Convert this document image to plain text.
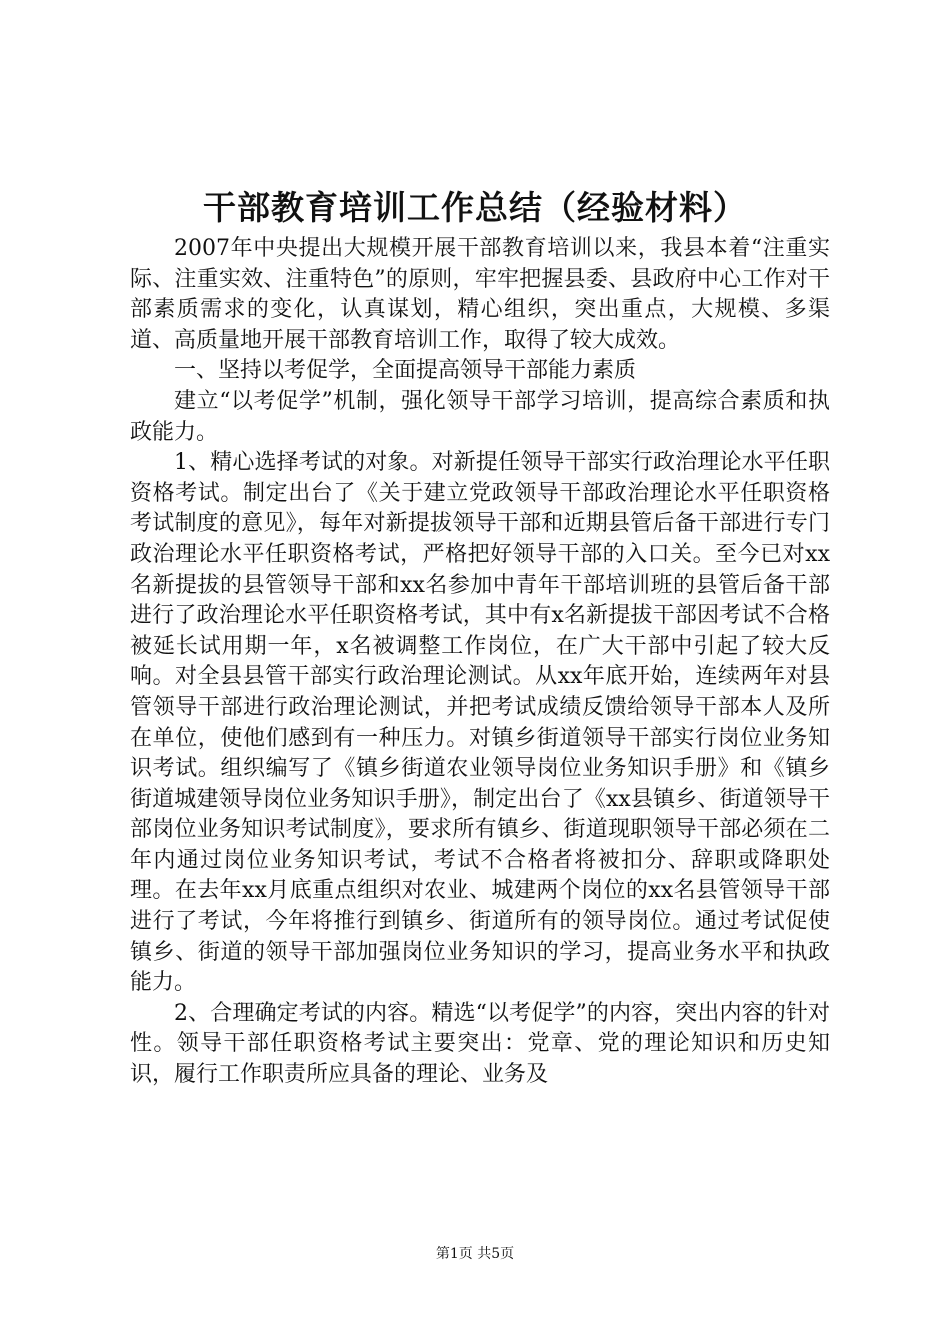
干部教育培训工作总结（经验材料）

2007年中央提出大规模开展干部教育培训以来，我县本着“注重实际、注重实效、注重特色”的原则，牢牢把握县委、县政府中心工作对干部素质需求的变化，认真谋划，精心组织，突出重点，大规模、多渠道、高质量地开展干部教育培训工作，取得了较大成效。

一、坚持以考促学，全面提高领导干部能力素质

建立“以考促学”机制，强化领导干部学习培训，提高综合素质和执政能力。

1、精心选择考试的对象。对新提任领导干部实行政治理论水平任职资格考试。制定出台了《关于建立党政领导干部政治理论水平任职资格考试制度的意见》，每年对新提拔领导干部和近期县管后备干部进行专门政治理论水平任职资格考试，严格把好领导干部的入口关。至今已对xx名新提拔的县管领导干部和xx名参加中青年干部培训班的县管后备干部进行了政治理论水平任职资格考试，其中有x名新提拔干部因考试不合格被延长试用期一年，x名被调整工作岗位，在广大干部中引起了较大反响。对全县县管干部实行政治理论测试。从xx年底开始，连续两年对县管领导干部进行政治理论测试，并把考试成绩反馈给领导干部本人及所在单位，使他们感到有一种压力。对镇乡街道领导干部实行岗位业务知识考试。组织编写了《镇乡街道农业领导岗位业务知识手册》和《镇乡街道城建领导岗位业务知识手册》，制定出台了《xx县镇乡、街道领导干部岗位业务知识考试制度》，要求所有镇乡、街道现职领导干部必须在二年内通过岗位业务知识考试，考试不合格者将被扣分、辞职或降职处理。在去年xx月底重点组织对农业、城建两个岗位的xx名县管领导干部进行了考试，今年将推行到镇乡、街道所有的领导岗位。通过考试促使镇乡、街道的领导干部加强岗位业务知识的学习，提高业务水平和执政能力。

2、合理确定考试的内容。精选“以考促学”的内容，突出内容的针对性。领导干部任职资格考试主要突出：党章、党的理论知识和历史知识，履行工作职责所应具备的理论、业务及

第1页 共5页
